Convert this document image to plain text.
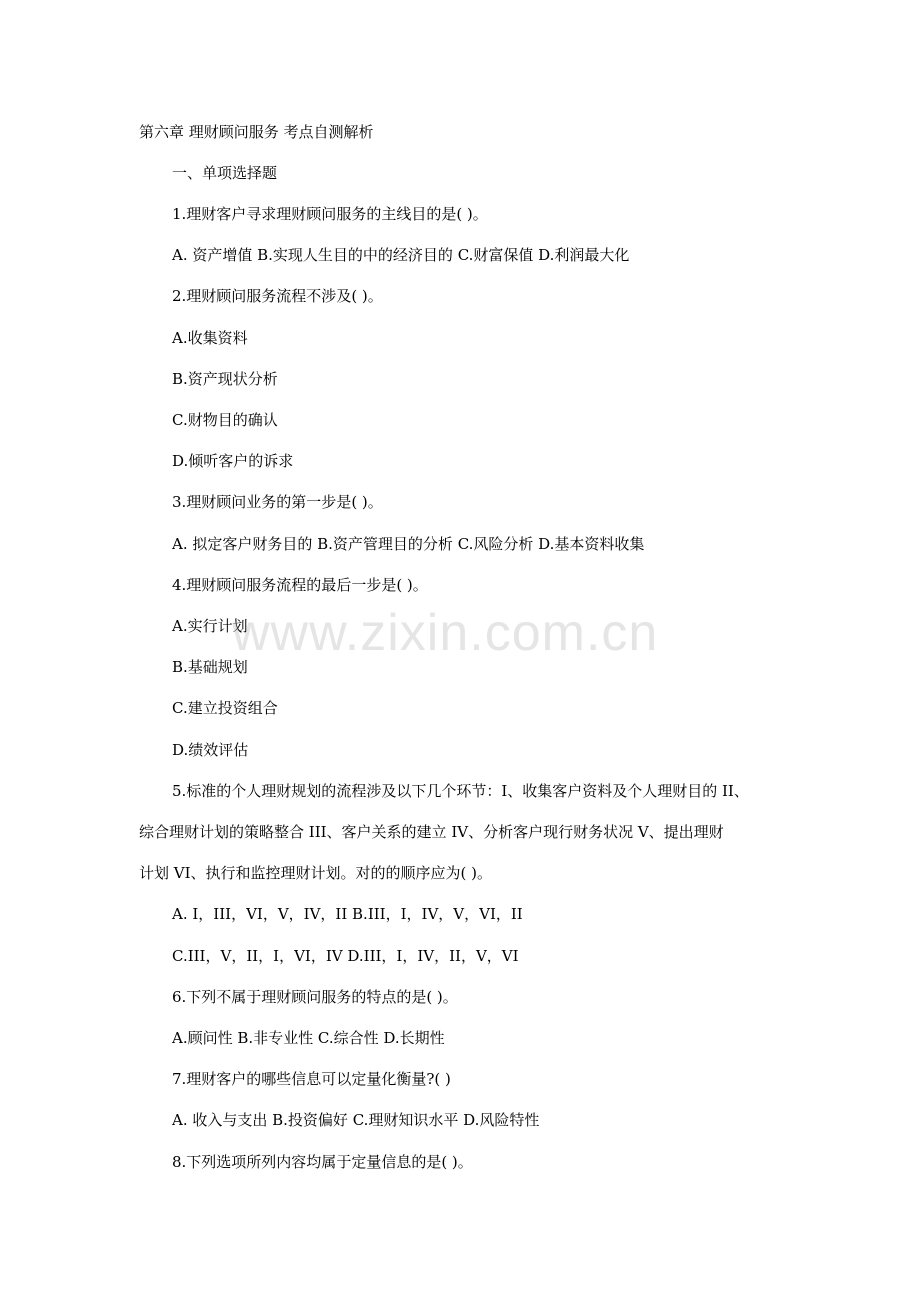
第六章 理财顾问服务 考点自测解析
一、单项选择题
1.理财客户寻求理财顾问服务的主线目的是( )。
A. 资产增值 B.实现人生目的中的经济目的 C.财富保值 D.利润最大化
2.理财顾问服务流程不涉及( )。
A.收集资料
B.资产现状分析
C.财物目的确认
D.倾听客户的诉求
3.理财顾问业务的第一步是( )。
A. 拟定客户财务目的 B.资产管理目的分析 C.风险分析 D.基本资料收集
4.理财顾问服务流程的最后一步是( )。
A.实行计划
B.基础规划
C.建立投资组合
D.绩效评估
5.标准的个人理财规划的流程涉及以下几个环节：I、收集客户资料及个人理财目的 II、
综合理财计划的策略整合 III、客户关系的建立 IV、分析客户现行财务状况 V、提出理财
计划 VI、执行和监控理财计划。对的的顺序应为( )。
A. I，III，VI，V，IV，II B.III，I，IV，V，VI，II
C.III，V，II，I，VI，IV D.III，I，IV，II，V，VI
6.下列不属于理财顾问服务的特点的是( )。
A.顾问性 B.非专业性 C.综合性 D.长期性
7.理财客户的哪些信息可以定量化衡量?( )
A. 收入与支出 B.投资偏好 C.理财知识水平 D.风险特性
8.下列选项所列内容均属于定量信息的是( )。
www.zixin.com.cn
